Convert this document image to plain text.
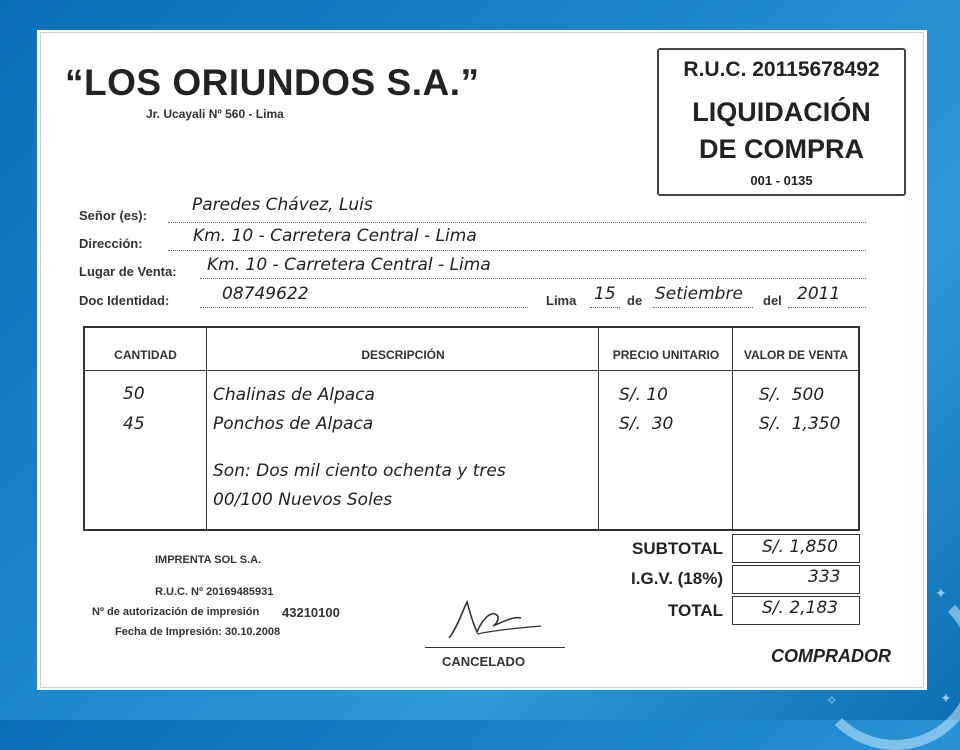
✦
✦
✧
“LOS ORIUNDOS S.A.”
Jr. Ucayali Nº 560 - Lima
R.U.C. 20115678492
LIQUIDACIÓN
DE COMPRA
001 - 0135
Señor (es):
Paredes Chávez, Luis
Dirección:	Km. 10 - Carretera Central - Lima
Lugar de Venta: Km. 10 - Carretera Central - Lima
Doc Identidad:	08749622	Lima 15 de Setiembre del 2011
CANTIDAD	DESCRIPCIÓN	PRECIO UNITARIO	VALOR DE VENTA
50	Chalinas de Alpaca	S/. 10	S/.  500
45	Ponchos de Alpaca	S/.  30	S/.  1,350
Son: Dos mil ciento ochenta y tres
00/100 Nuevos Soles
SUBTOTAL S/. 1,850
I.G.V. (18%)	333
TOTAL S/. 2,183
IMPRENTA SOL S.A.
R.U.C. Nº 20169485931
Nº de autorización de impresión 43210100
Fecha de Impresión: 30.10.2008
CANCELADO	COMPRADOR
